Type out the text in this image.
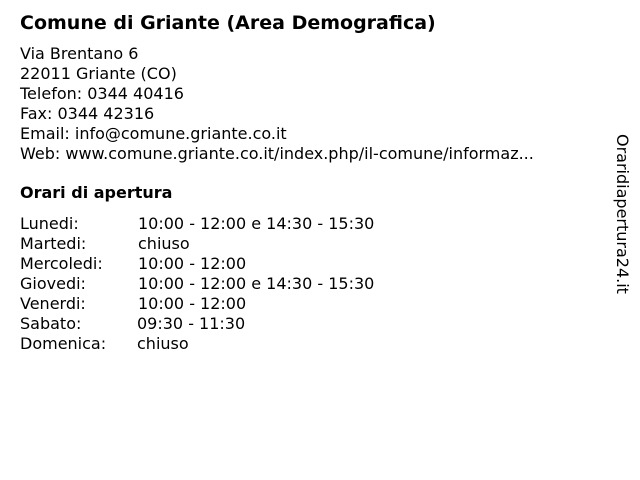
Comune di Griante (Area Demografica)
Via Brentano 6
22011 Griante (CO)
Telefon: 0344 40416
Fax: 0344 42316
Email: info@comune.griante.co.it
Web: www.comune.griante.co.it/index.php/il-comune/informaz...
Orari di apertura
Lunedi:	10:00 - 12:00 e 14:30 - 15:30
Martedi:	chiuso
Mercoledi: 10:00 - 12:00
Giovedi:	10:00 - 12:00 e 14:30 - 15:30
Venerdi:	10:00 - 12:00
Sabato:	09:30 - 11:30
Domenica: chiuso
Oraridiapertura24.it
